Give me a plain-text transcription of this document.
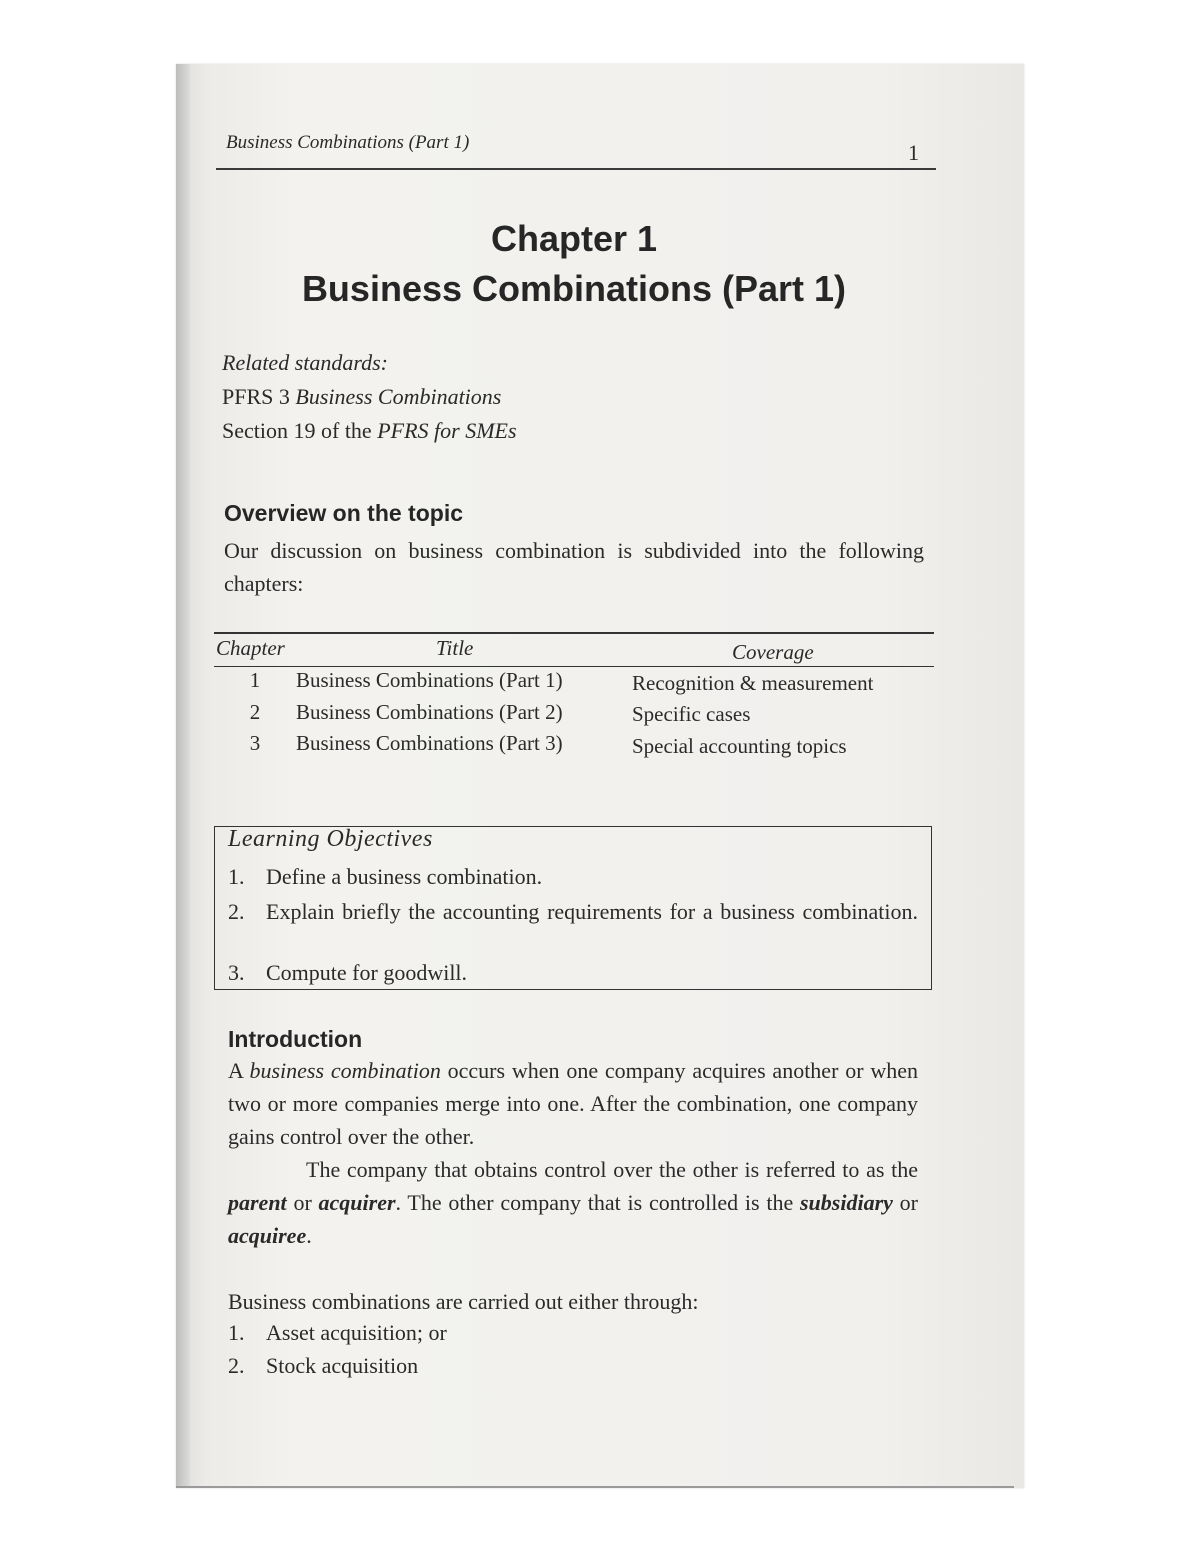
Business Combinations (Part 1)	1
Chapter 1
Business Combinations (Part 1)
Related standards:
PFRS 3 Business Combinations
Section 19 of the PFRS for SMEs
Overview on the topic
Our discussion on business combination is subdivided into the following chapters:
Chapter	Title	Coverage
1 Business Combinations (Part 1)	Recognition & measurement
2 Business Combinations (Part 2)	Specific cases
3 Business Combinations (Part 3)	Special accounting topics
Learning Objectives
1. Define a business combination.
2. Explain briefly the accounting requirements for a business combination.
3. Compute for goodwill.
Introduction
A business combination occurs when one company acquires another or when two or more companies merge into one. After the combination, one company gains control over the other.
The company that obtains control over the other is referred to as the parent or acquirer. The other company that is controlled is the subsidiary or acquiree.
Business combinations are carried out either through:
1. Asset acquisition; or
2. Stock acquisition
